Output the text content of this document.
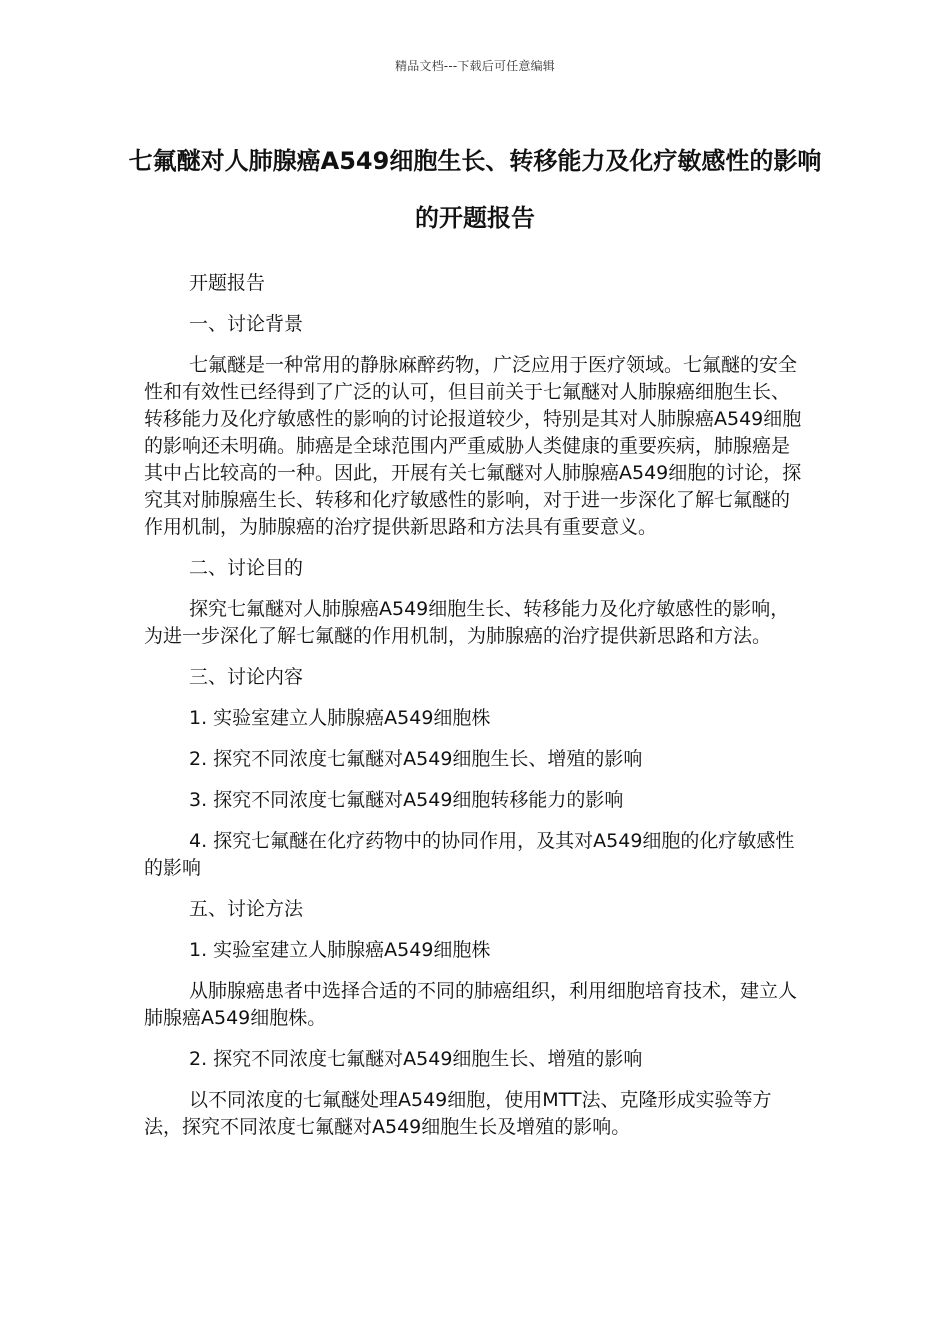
精品文档---下载后可任意编辑
七氟醚对人肺腺癌A549细胞生长、转移能力及化疗敏感性的影响的开题报告

开题报告

一、讨论背景

七氟醚是一种常用的静脉麻醉药物，广泛应用于医疗领域。七氟醚的安全性和有效性已经得到了广泛的认可，但目前关于七氟醚对人肺腺癌细胞生长、转移能力及化疗敏感性的影响的讨论报道较少，特别是其对人肺腺癌A549细胞的影响还未明确。肺癌是全球范围内严重威胁人类健康的重要疾病，肺腺癌是其中占比较高的一种。因此，开展有关七氟醚对人肺腺癌A549细胞的讨论，探究其对肺腺癌生长、转移和化疗敏感性的影响，对于进一步深化了解七氟醚的作用机制，为肺腺癌的治疗提供新思路和方法具有重要意义。

二、讨论目的

探究七氟醚对人肺腺癌A549细胞生长、转移能力及化疗敏感性的影响，为进一步深化了解七氟醚的作用机制，为肺腺癌的治疗提供新思路和方法。

三、讨论内容

1. 实验室建立人肺腺癌A549细胞株

2. 探究不同浓度七氟醚对A549细胞生长、增殖的影响

3. 探究不同浓度七氟醚对A549细胞转移能力的影响

4. 探究七氟醚在化疗药物中的协同作用，及其对A549细胞的化疗敏感性的影响

五、讨论方法

1. 实验室建立人肺腺癌A549细胞株

从肺腺癌患者中选择合适的不同的肺癌组织，利用细胞培育技术，建立人肺腺癌A549细胞株。

2. 探究不同浓度七氟醚对A549细胞生长、增殖的影响

以不同浓度的七氟醚处理A549细胞，使用MTT法、克隆形成实验等方法，探究不同浓度七氟醚对A549细胞生长及增殖的影响。
